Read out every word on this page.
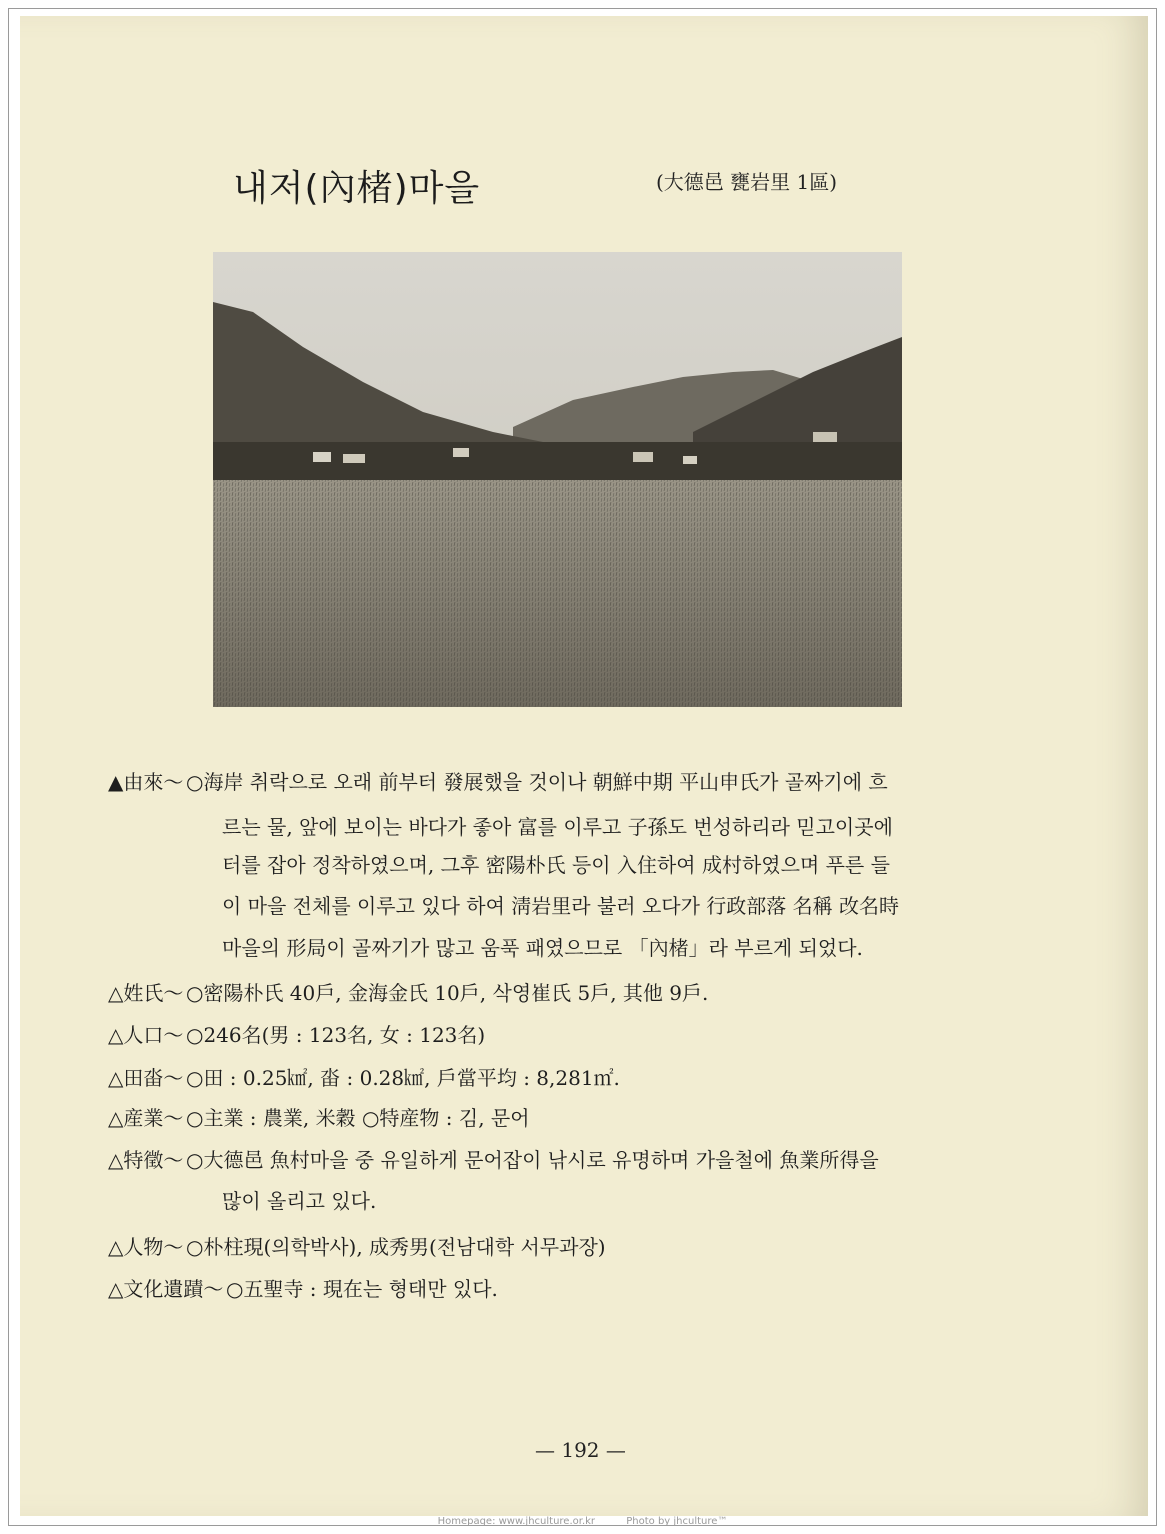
내저(內楮)마을	(大德邑 甕岩里 1區)
▲由來～ ○海岸 취락으로 오래 前부터 發展했을 것이나 朝鮮中期 平山申氏가 골짜기에 흐
르는 물, 앞에 보이는 바다가 좋아 富를 이루고 子孫도 번성하리라 믿고이곳에
터를 잡아 정착하였으며, 그후 密陽朴氏 등이 入住하여 成村하였으며 푸른 들
이 마을 전체를 이루고 있다 하여 淸岩里라 불러 오다가 行政部落 名稱 改名時
마을의 形局이 골짜기가 많고 움푹 패였으므로 「內楮」라 부르게 되었다.
△姓氏～ ○密陽朴氏 40戶, 金海金氏 10戶, 삭영崔氏 5戶, 其他 9戶.
△人口～ ○246名(男 : 123名, 女 : 123名)
△田畓～ ○田 : 0.25㎢, 畓 : 0.28㎢, 戶當平均 : 8,281㎡.
△産業～ ○主業 : 農業, 米穀 ○特産物 : 김, 문어
△特徵～ ○大德邑 魚村마을 중 유일하게 문어잡이 낚시로 유명하며 가을철에 魚業所得을
많이 올리고 있다.
△人物～ ○朴柱現(의학박사), 成秀男(전남대학 서무과장)
△文化遺蹟～ ○五聖寺 : 現在는 형태만 있다.
— 192 —
Homepage: www.jhculture.or.kr	Photo by jhculture™
